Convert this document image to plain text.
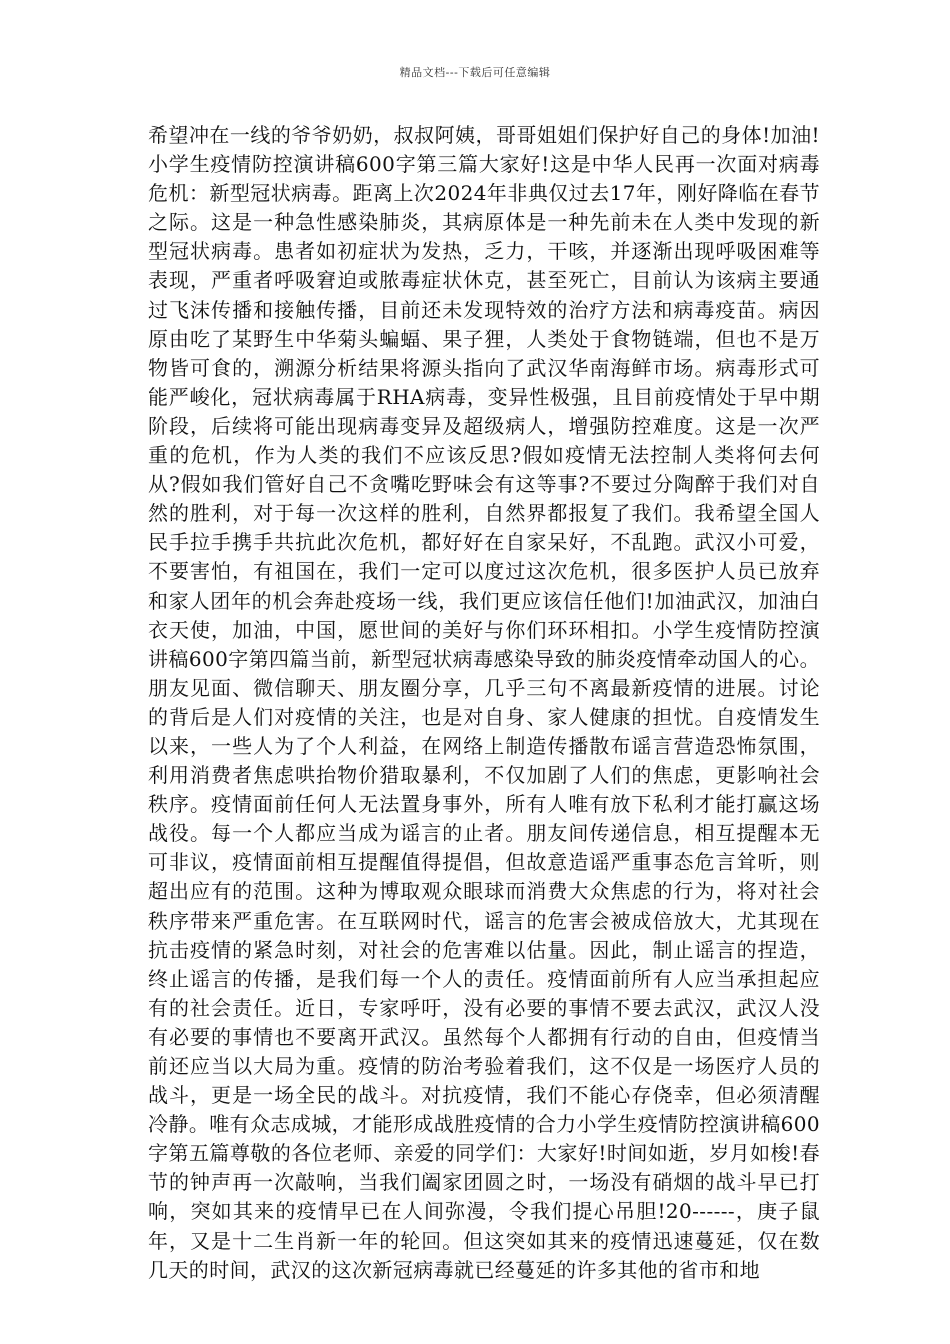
精品文档---下载后可任意编辑

希望冲在一线的爷爷奶奶，叔叔阿姨，哥哥姐姐们保护好自己的身体!加油!小学生疫情防控演讲稿600字第三篇大家好!这是中华人民再一次面对病毒危机：新型冠状病毒。距离上次2024年非典仅过去17年，刚好降临在春节之际。这是一种急性感染肺炎，其病原体是一种先前未在人类中发现的新型冠状病毒。患者如初症状为发热，乏力，干咳，并逐渐出现呼吸困难等表现，严重者呼吸窘迫或脓毒症状休克，甚至死亡，目前认为该病主要通过飞沫传播和接触传播，目前还未发现特效的治疗方法和病毒疫苗。病因原由吃了某野生中华菊头蝙蝠、果子狸，人类处于食物链端，但也不是万物皆可食的，溯源分析结果将源头指向了武汉华南海鲜市场。病毒形式可能严峻化，冠状病毒属于RHA病毒，变异性极强，且目前疫情处于早中期阶段，后续将可能出现病毒变异及超级病人，增强防控难度。这是一次严重的危机，作为人类的我们不应该反思?假如疫情无法控制人类将何去何从?假如我们管好自己不贪嘴吃野味会有这等事?不要过分陶醉于我们对自然的胜利，对于每一次这样的胜利，自然界都报复了我们。我希望全国人民手拉手携手共抗此次危机，都好好在自家呆好，不乱跑。武汉小可爱，不要害怕，有祖国在，我们一定可以度过这次危机，很多医护人员已放弃和家人团年的机会奔赴疫场一线，我们更应该信任他们!加油武汉，加油白衣天使，加油，中国，愿世间的美好与你们环环相扣。小学生疫情防控演讲稿600字第四篇当前，新型冠状病毒感染导致的肺炎疫情牵动国人的心。朋友见面、微信聊天、朋友圈分享，几乎三句不离最新疫情的进展。讨论的背后是人们对疫情的关注，也是对自身、家人健康的担忧。自疫情发生以来，一些人为了个人利益，在网络上制造传播散布谣言营造恐怖氛围，利用消费者焦虑哄抬物价猎取暴利，不仅加剧了人们的焦虑，更影响社会秩序。疫情面前任何人无法置身事外，所有人唯有放下私利才能打赢这场战役。每一个人都应当成为谣言的止者。朋友间传递信息，相互提醒本无可非议，疫情面前相互提醒值得提倡，但故意造谣严重事态危言耸听，则超出应有的范围。这种为博取观众眼球而消费大众焦虑的行为，将对社会秩序带来严重危害。在互联网时代，谣言的危害会被成倍放大，尤其现在抗击疫情的紧急时刻，对社会的危害难以估量。因此，制止谣言的捏造，终止谣言的传播，是我们每一个人的责任。疫情面前所有人应当承担起应有的社会责任。近日，专家呼吁，没有必要的事情不要去武汉，武汉人没有必要的事情也不要离开武汉。虽然每个人都拥有行动的自由，但疫情当前还应当以大局为重。疫情的防治考验着我们，这不仅是一场医疗人员的战斗，更是一场全民的战斗。对抗疫情，我们不能心存侥幸，但必须清醒冷静。唯有众志成城，才能形成战胜疫情的合力小学生疫情防控演讲稿600字第五篇尊敬的各位老师、亲爱的同学们：大家好!时间如逝，岁月如梭!春节的钟声再一次敲响，当我们阖家团圆之时，一场没有硝烟的战斗早已打响，突如其来的疫情早已在人间弥漫，令我们提心吊胆!20------，庚子鼠年，又是十二生肖新一年的轮回。但这突如其来的疫情迅速蔓延，仅在数几天的时间，武汉的这次新冠病毒就已经蔓延的许多其他的省市和地
